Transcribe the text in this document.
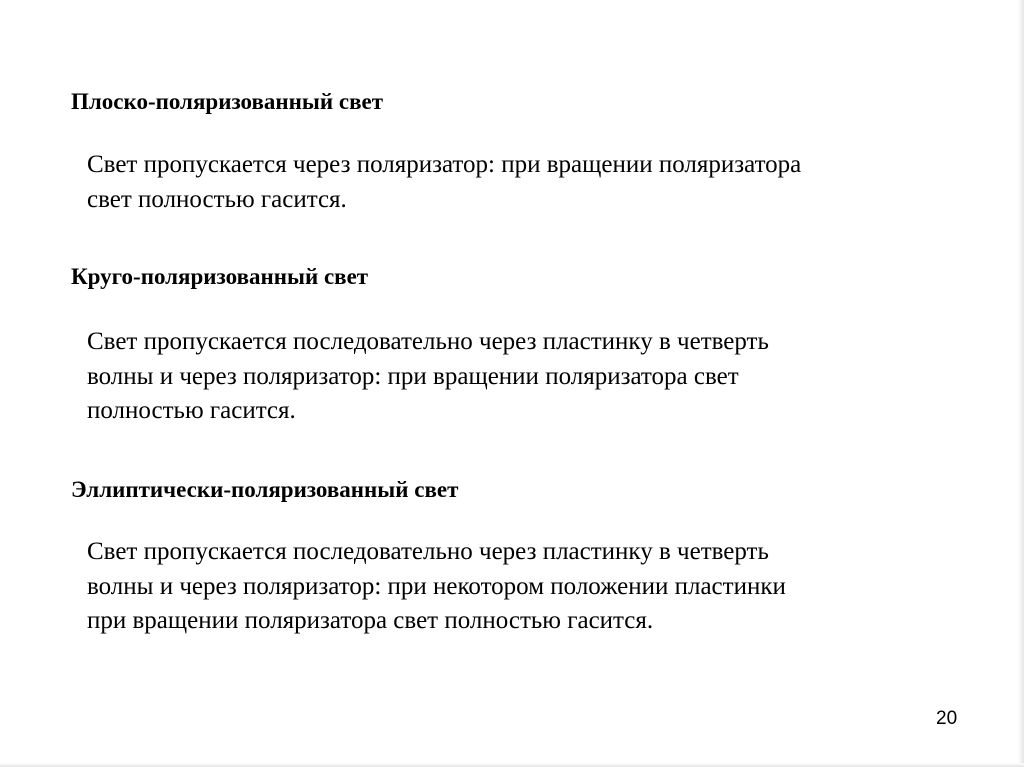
Плоско-поляризованный свет
Свет пропускается через поляризатор: при вращении поляризатора
свет полностью гасится.
Круго-поляризованный свет
Свет пропускается последовательно через пластинку в четверть
волны и через поляризатор: при вращении поляризатора свет
полностью гасится.
Эллиптически-поляризованный свет
Свет пропускается последовательно через пластинку в четверть
волны и через поляризатор: при некотором положении пластинки
при вращении поляризатора свет полностью гасится.
20
